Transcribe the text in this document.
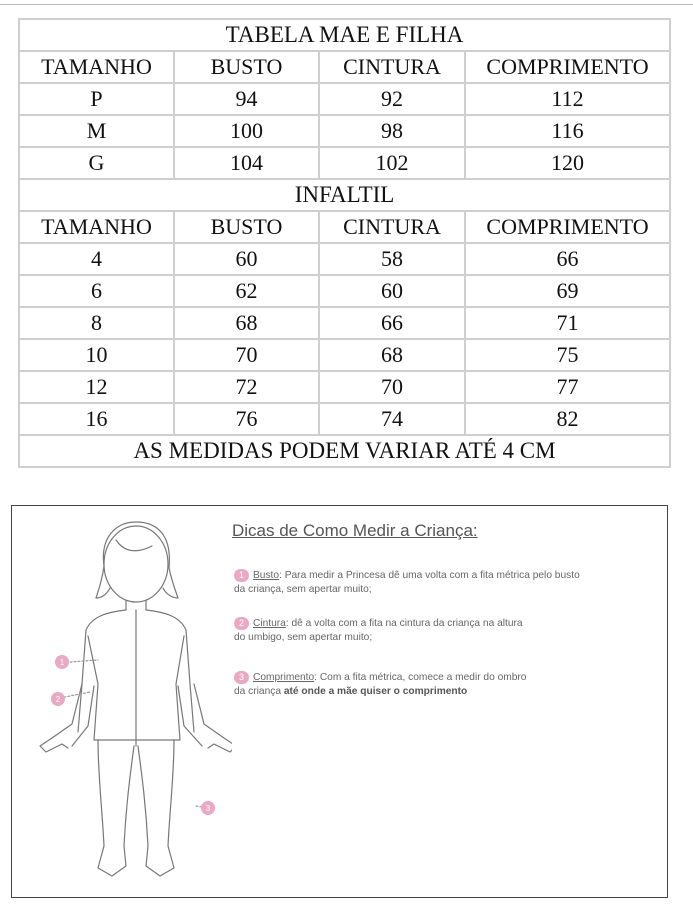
TABELA MAE E FILHA			
TAMANHO	BUSTO	CINTURA	COMPRIMENTO
P	94	92	112
M	100	98	116
G	104	102	120
INFALTIL			
TAMANHO	BUSTO	CINTURA	COMPRIMENTO
4	60	58	66
6	62	60	69
8	68	66	71
10	70	68	75
12	72	70	77
16	76	74	82
AS MEDIDAS PODEM VARIAR ATÉ 4 CM			
1
2
3
Dicas de Como Medir a Criança:
1 Busto: Para medir a Princesa dê uma volta com a fita métrica pelo busto
da criança, sem apertar muito;
2 Cintura: dê a volta com a fita na cintura da criança na altura
do umbigo, sem apertar muito;
3 Comprimento: Com a fita métrica, comece a medir do ombro
da criança até onde a mãe quiser o comprimento
